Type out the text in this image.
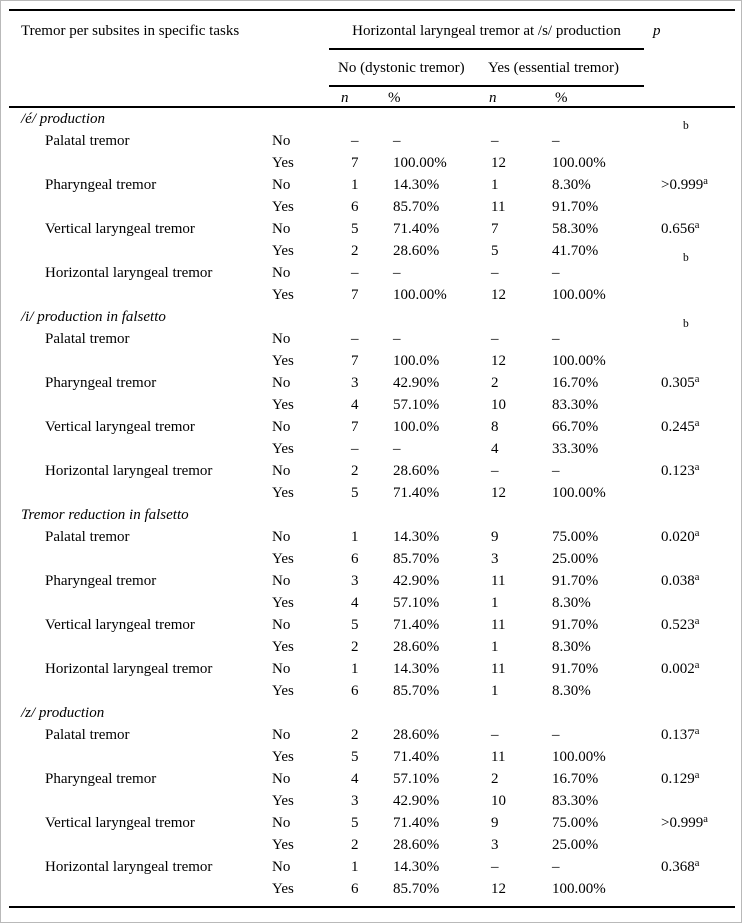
Tremor per subsites in specific tasks	Horizontal laryngeal tremor at /s/ production	p
No (dystonic tremor) Yes (essential tremor)
n	%	n	%
/é/ production
Palatal tremor	No	–	–	–	–
$^b$
Yes	7	100.00%	12	100.00%
Pharyngeal tremor	No	1	14.30%	1	8.30%	>0.999$^a$
Yes	6	85.70%	11	91.70%
Vertical laryngeal tremor	No	5	71.40%	7	58.30%	0.656$^a$
Yes	2	28.60%	5	41.70%
Horizontal laryngeal tremor	No	–	–	–	–
$^b$
Yes	7	100.00%	12	100.00%
/i/ production in falsetto
Palatal tremor	No	–	–	–	–
$^b$
Yes	7	100.0%	12	100.00%
Pharyngeal tremor	No	3	42.90%	2	16.70%	0.305$^a$
Yes	4	57.10%	10	83.30%
Vertical laryngeal tremor	No	7	100.0%	8	66.70%	0.245$^a$
Yes	–	–	4	33.30%
Horizontal laryngeal tremor	No	2	28.60%	–	–	0.123$^a$
Yes	5	71.40%	12	100.00%
Tremor reduction in falsetto
Palatal tremor	No	1	14.30%	9	75.00%	0.020$^a$
Yes	6	85.70%	3	25.00%
Pharyngeal tremor	No	3	42.90%	11	91.70%	0.038$^a$
Yes	4	57.10%	1	8.30%
Vertical laryngeal tremor	No	5	71.40%	11	91.70%	0.523$^a$
Yes	2	28.60%	1	8.30%
Horizontal laryngeal tremor	No	1	14.30%	11	91.70%	0.002$^a$
Yes	6	85.70%	1	8.30%
/z/ production
Palatal tremor	No	2	28.60%	–	–	0.137$^a$
Yes	5	71.40%	11	100.00%
Pharyngeal tremor	No	4	57.10%	2	16.70%	0.129$^a$
Yes	3	42.90%	10	83.30%
Vertical laryngeal tremor	No	5	71.40%	9	75.00%	>0.999$^a$
Yes	2	28.60%	3	25.00%
Horizontal laryngeal tremor	No	1	14.30%	–	–	0.368$^a$
Yes	6	85.70%	12	100.00%
